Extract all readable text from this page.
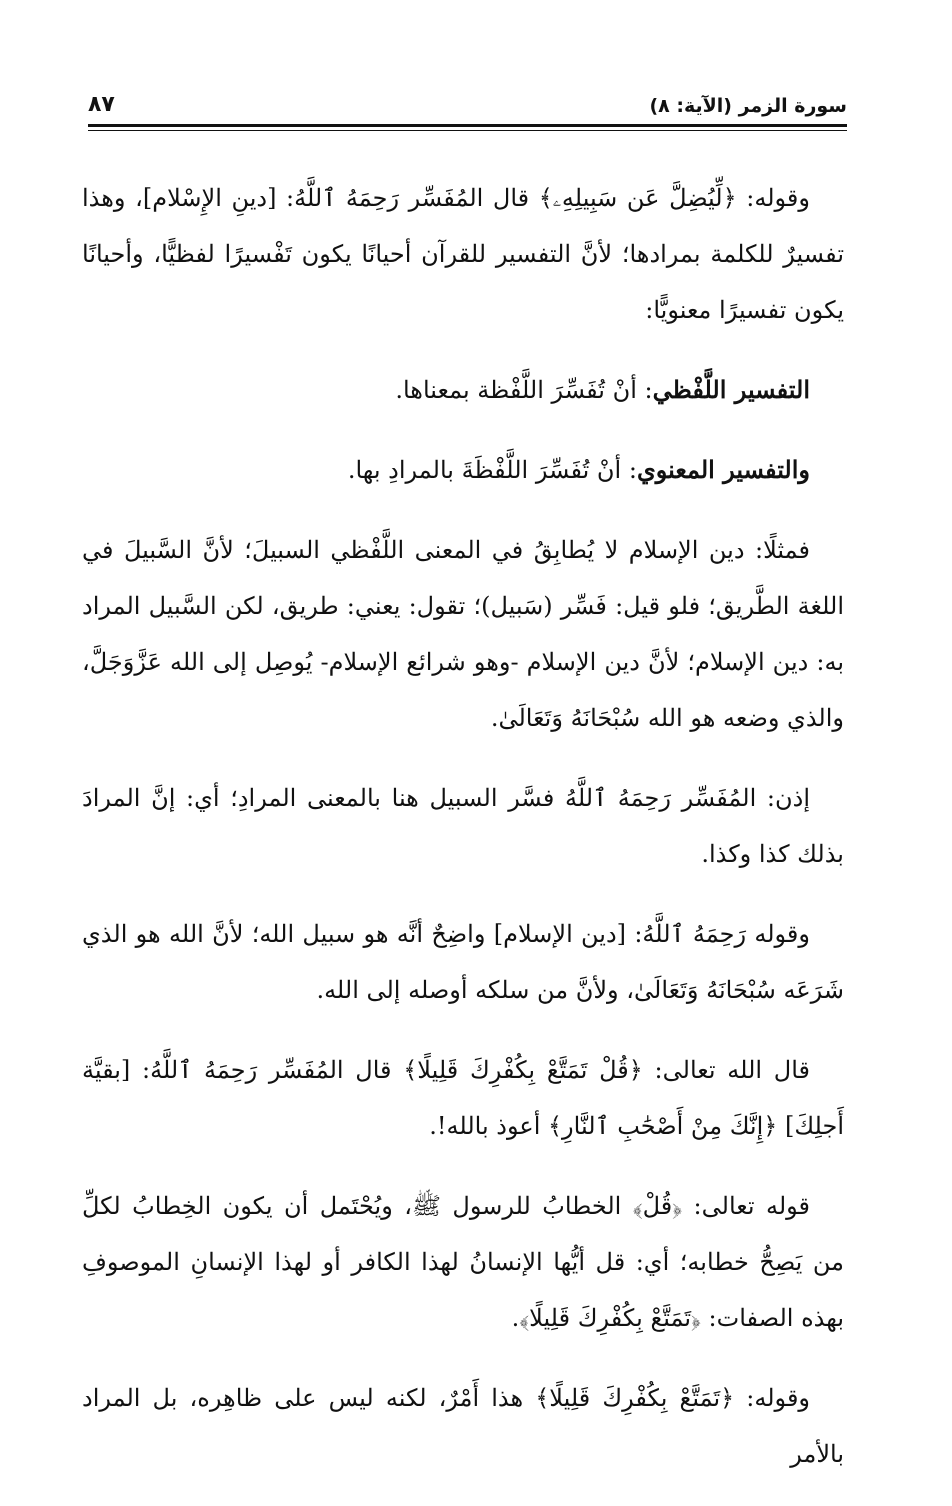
سورة الزمر (الآية: ٨)
٨٧

وقوله: ﴿لِّيُضِلَّ عَن سَبِيلِهِۦ﴾ قال المُفَسِّر رَحِمَهُ ٱللَّهُ: [دينِ الإِسْلام]، وهذا تفسيرٌ للكلمة بمرادها؛ لأنَّ التفسير للقرآن أحيانًا يكون تَفْسيرًا لفظيًّا، وأحيانًا يكون تفسيرًا معنويًّا:

التفسير اللَّفْظي: أنْ تُفَسِّرَ اللَّفْظة بمعناها.

والتفسير المعنوي: أنْ تُفَسِّرَ اللَّفْظَةَ بالمرادِ بها.

فمثلًا: دين الإسلام لا يُطابِقُ في المعنى اللَّفْظي السبيلَ؛ لأنَّ السَّبيلَ في اللغة الطَّريق؛ فلو قيل: فَسِّر (سَبيل)؛ تقول: يعني: طريق، لكن السَّبيل المراد به: دين الإسلام؛ لأنَّ دين الإسلام -وهو شرائع الإسلام- يُوصِل إلى الله عَزَّوَجَلَّ، والذي وضعه هو الله سُبْحَانَهُ وَتَعَالَىٰ.

إذن: المُفَسِّر رَحِمَهُ ٱللَّهُ فسَّر السبيل هنا بالمعنى المرادِ؛ أي: إنَّ المرادَ بذلك كذا وكذا.

وقوله رَحِمَهُ ٱللَّهُ: [دين الإسلام] واضِحٌ أنَّه هو سبيل الله؛ لأنَّ الله هو الذي شَرَعَه سُبْحَانَهُ وَتَعَالَىٰ، ولأنَّ من سلكه أوصله إلى الله.

قال الله تعالى: ﴿قُلْ تَمَتَّعْ بِكُفْرِكَ قَلِيلًا﴾ قال المُفَسِّر رَحِمَهُ ٱللَّهُ: [بقيَّة أَجلِكَ] ﴿إِنَّكَ مِنْ أَصْحَٰبِ ٱلنَّارِ﴾ أعوذ بالله!.

قوله تعالى: ﴿قُلْ﴾ الخطابُ للرسول ﷺ، ويُحْتَمل أن يكون الخِطابُ لكلِّ من يَصِحُّ خطابه؛ أي: قل أيُّها الإنسانُ لهذا الكافر أو لهذا الإنسانِ الموصوفِ بهذه الصفات: ﴿تَمَتَّعْ بِكُفْرِكَ قَلِيلًا﴾.

وقوله: ﴿تَمَتَّعْ بِكُفْرِكَ قَلِيلًا﴾ هذا أَمْرٌ، لكنه ليس على ظاهِره، بل المراد بالأمر
